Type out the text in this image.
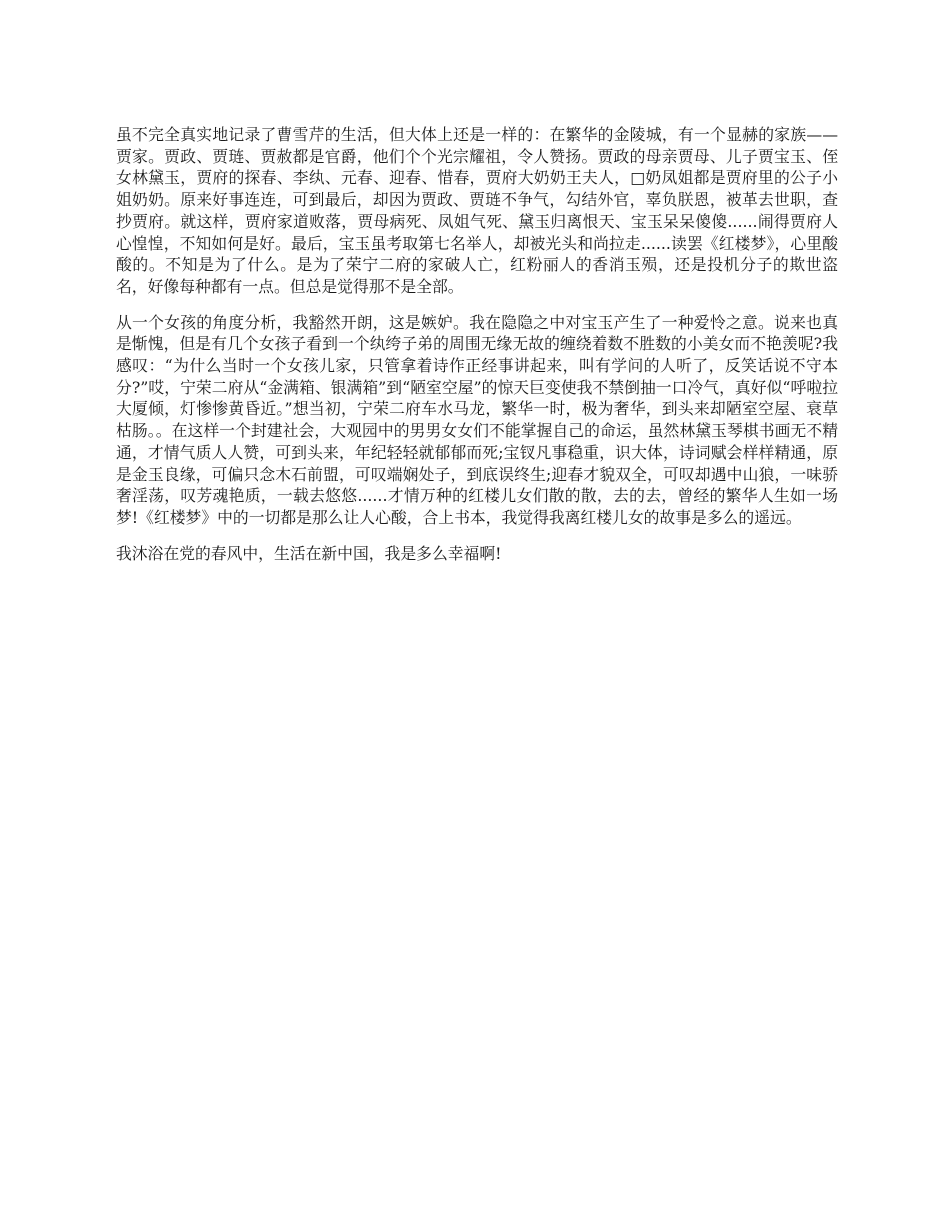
虽不完全真实地记录了曹雪芹的生活，但大体上还是一样的：在繁华的金陵城，有一个显赫的家族——贾家。贾政、贾琏、贾赦都是官爵，他们个个光宗耀祖，令人赞扬。贾政的母亲贾母、儿子贾宝玉、侄女林黛玉，贾府的探春、李纨、元春、迎春、惜春，贾府大奶奶王夫人，□奶凤姐都是贾府里的公子小姐奶奶。原来好事连连，可到最后，却因为贾政、贾琏不争气，勾结外官，辜负朕恩，被革去世职，查抄贾府。就这样，贾府家道败落，贾母病死、凤姐气死、黛玉归离恨天、宝玉呆呆傻傻......闹得贾府人心惶惶，不知如何是好。最后，宝玉虽考取第七名举人，却被光头和尚拉走......读罢《红楼梦》，心里酸酸的。不知是为了什么。是为了荣宁二府的家破人亡，红粉丽人的香消玉殒，还是投机分子的欺世盗名，好像每种都有一点。但总是觉得那不是全部。

从一个女孩的角度分析，我豁然开朗，这是嫉妒。我在隐隐之中对宝玉产生了一种爱怜之意。说来也真是惭愧，但是有几个女孩子看到一个纨绔子弟的周围无缘无故的缠绕着数不胜数的小美女而不艳羡呢?我感叹：“为什么当时一个女孩儿家，只管拿着诗作正经事讲起来，叫有学问的人听了，反笑话说不守本分?”哎，宁荣二府从“金满箱、银满箱”到“陋室空屋”的惊天巨变使我不禁倒抽一口冷气，真好似“呼啦拉大厦倾，灯惨惨黄昏近。”想当初，宁荣二府车水马龙，繁华一时，极为奢华，到头来却陋室空屋、衰草枯肠。。在这样一个封建社会，大观园中的男男女女们不能掌握自己的命运，虽然林黛玉琴棋书画无不精通，才情气质人人赞，可到头来，年纪轻轻就郁郁而死;宝钗凡事稳重，识大体，诗词赋会样样精通，原是金玉良缘，可偏只念木石前盟，可叹端娴处子，到底误终生;迎春才貌双全，可叹却遇中山狼，一味骄奢淫荡，叹芳魂艳质，一载去悠悠......才情万种的红楼儿女们散的散，去的去，曾经的繁华人生如一场梦!《红楼梦》中的一切都是那么让人心酸，合上书本，我觉得我离红楼儿女的故事是多么的遥远。

我沐浴在党的春风中，生活在新中国，我是多么幸福啊!
